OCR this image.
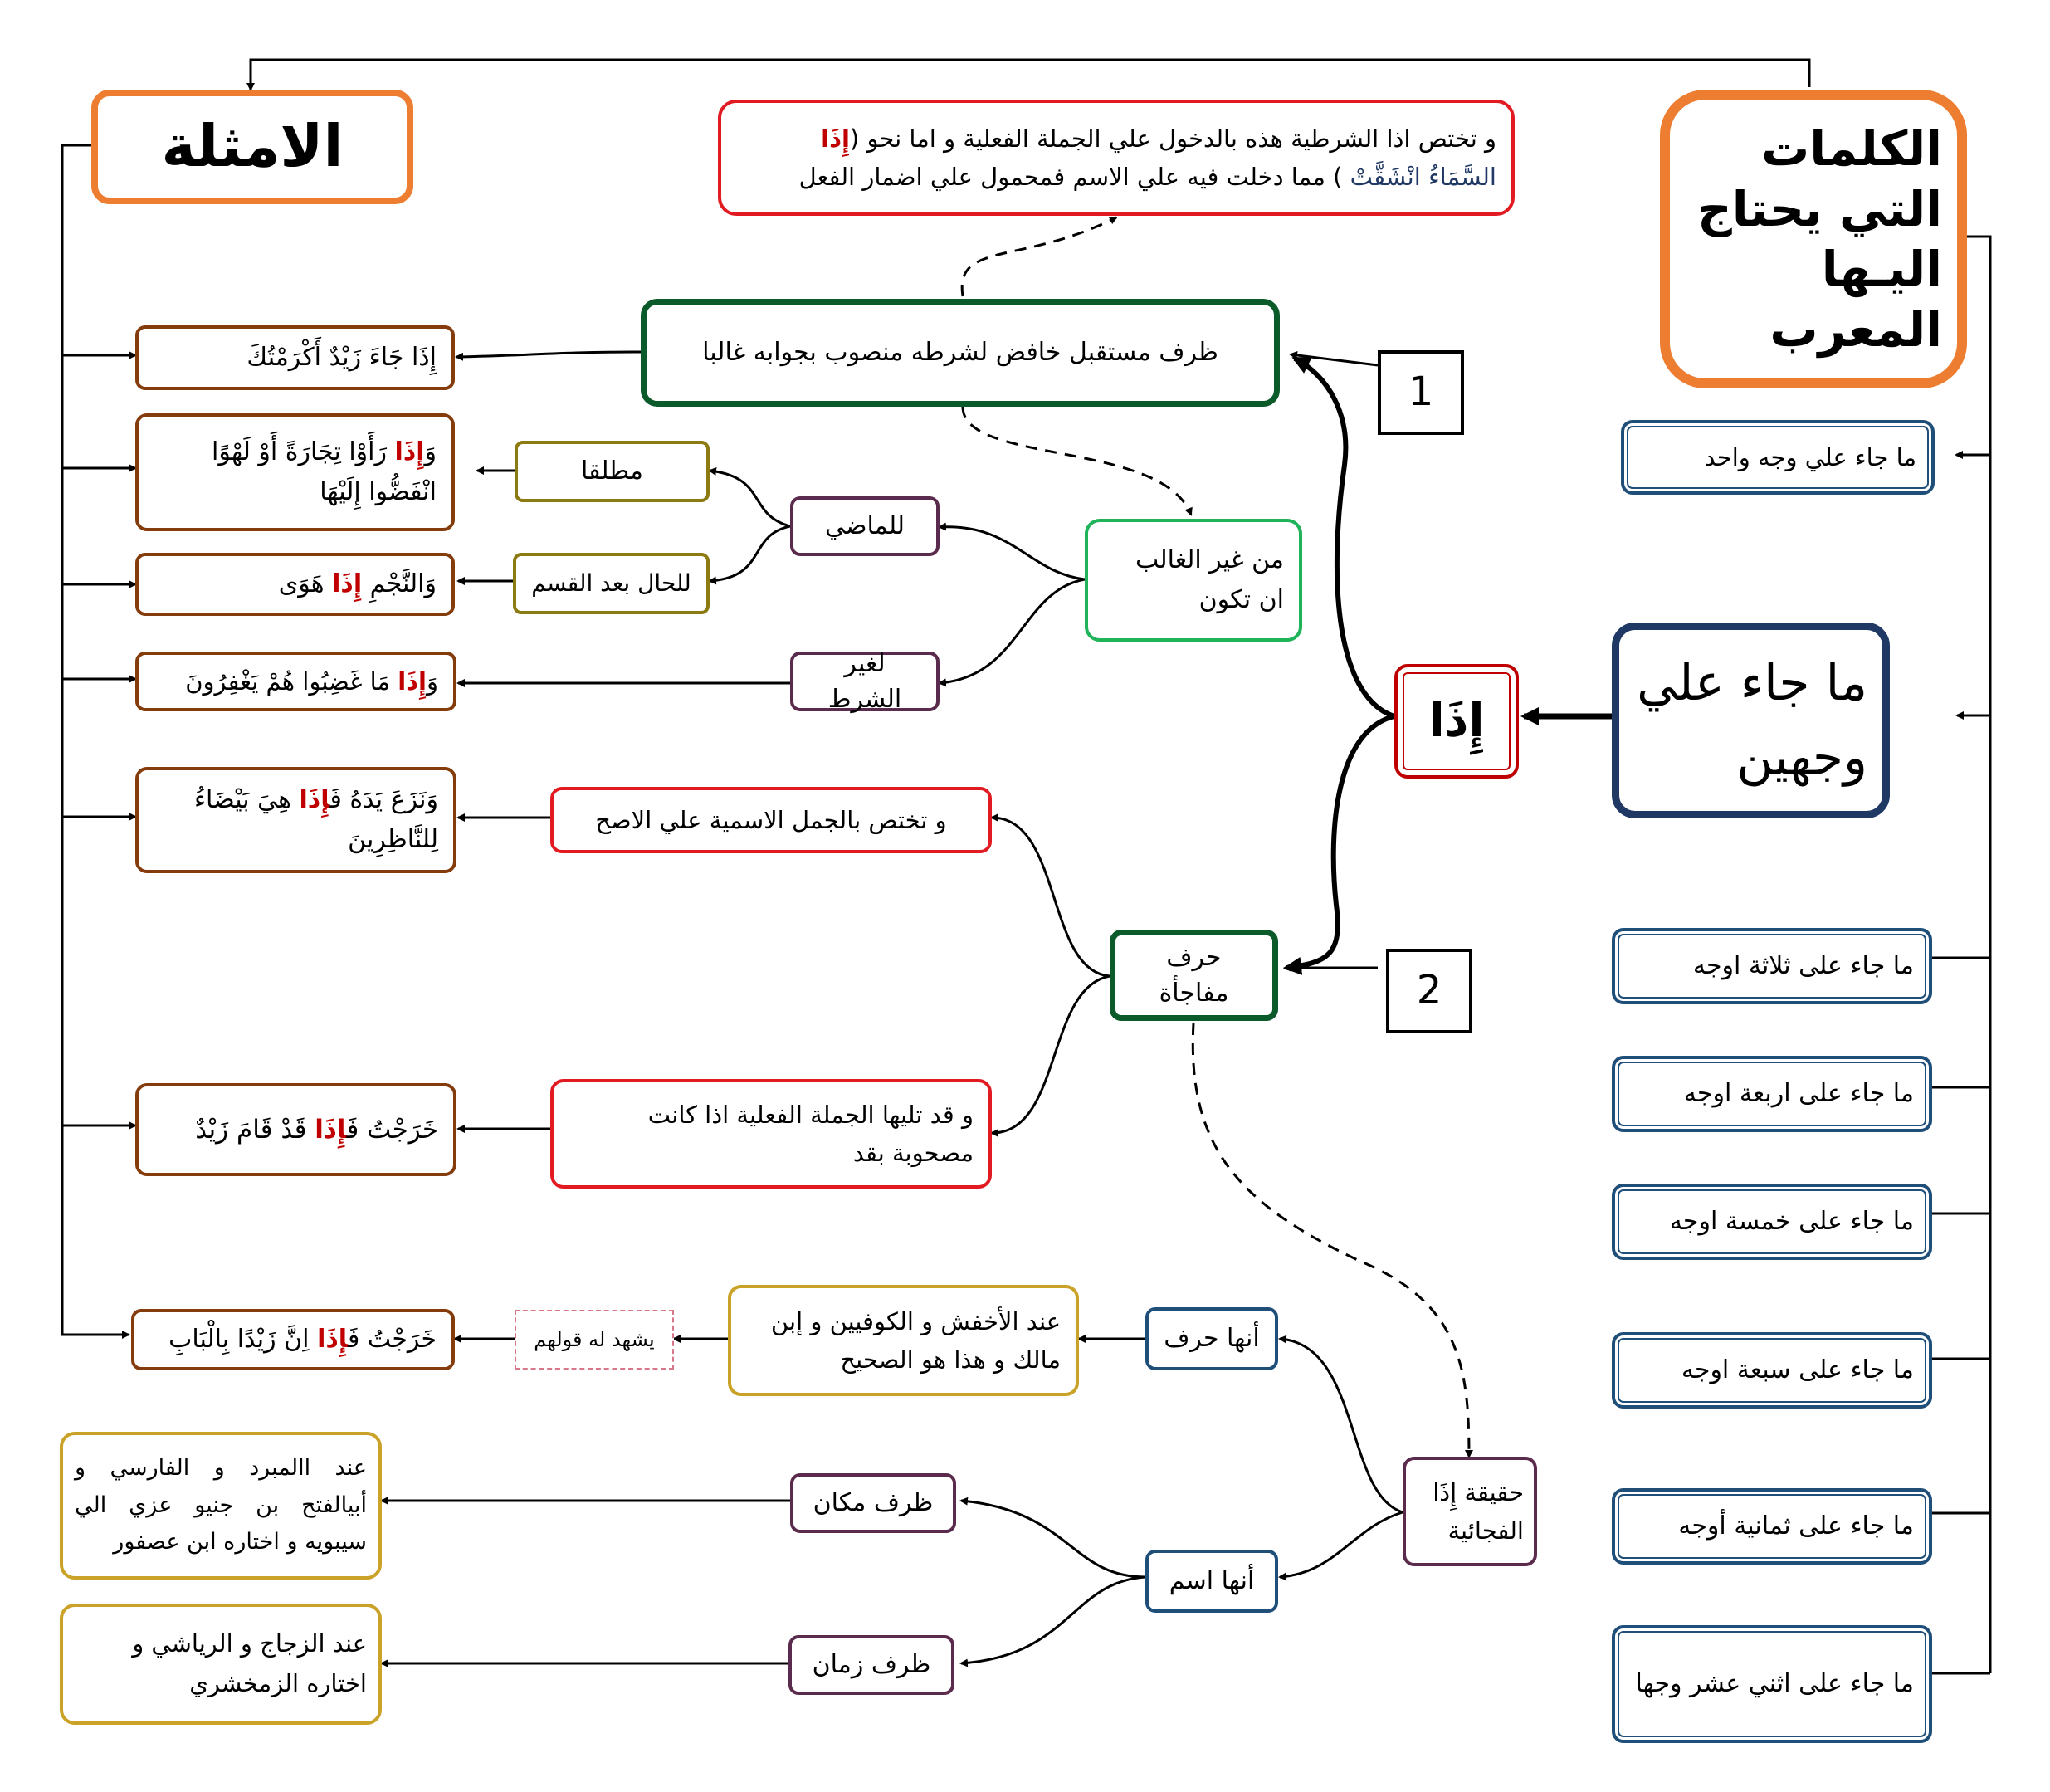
الكلمات التي يحتاج اليـها المعرب
الامثلة
ما جاء علي وجهين
إِذَا
1
2
ما جاء علي وجه واحد
ما جاء على ثلاثة اوجه
ما جاء على اربعة اوجه
ما جاء على خمسة اوجه
ما جاء على سبعة اوجه
ما جاء على ثمانية أوجه
ما جاء على اثني عشر وجها
و تختص اذا الشرطية هذه بالدخول علي الجملة الفعلية و اما نحو (إِذَا
السَّمَاءُ انْشَقَّتْ ) مما دخلت فيه علي الاسم فمحمول علي اضمار الفعل
ظرف مستقبل خافض لشرطه منصوب بجوابه غالبا
من غير الغالب ان تكون
للماضي
مطلقا
للحال بعد القسم
لغير الشرط
حرف مفاجأة
و تختص بالجمل الاسمية علي الاصح
و قد تليها الجملة الفعلية اذا كانت مصحوبة بقد
حقيقة إِذَا الفجائية
أنها حرف
عند الأخفش و الكوفيين و إبن مالك و هذا هو الصحيح
يشهد له قولهم
أنها اسم
ظرف مكان
ظرف زمان
عند االمبرد و الفارسي و أبيالفتح بن جنيو عزي الي سيبويه و اختاره ابن عصفور
عند الزجاج و الرياشي و اختاره الزمخشري
إِذَا جَاءَ زَيْدٌ أَكْرَمْتُكَ
وَإِذَا رَأَوْا تِجَارَةً أَوْ لَهْوًا انْفَضُّوا إِلَيْهَا
وَالنَّجْمِ إِذَا هَوَى
وَإِذَا مَا غَضِبُوا هُمْ يَغْفِرُونَ
وَنَزَعَ يَدَهُ فَإِذَا هِيَ بَيْضَاءُ لِلنَّاظِرِينَ
خَرَجْتُ فَإِذَا قَدْ قَامَ زَيْدٌ
خَرَجْتُ فَإِذَا اِنَّ زَيْدًا بِالْبَابِ
